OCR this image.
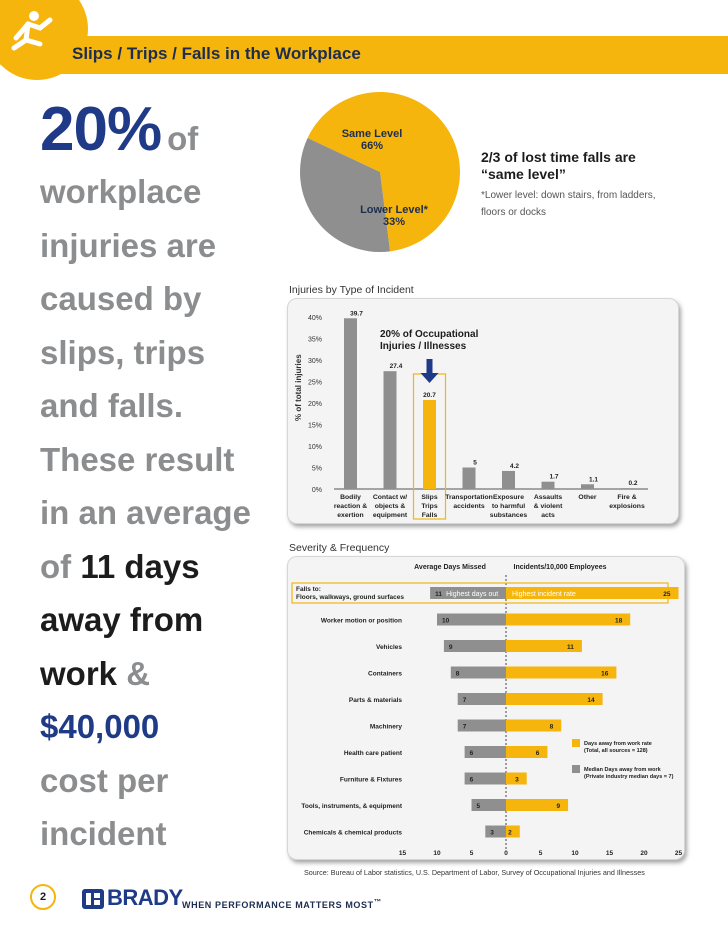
Slips / Trips / Falls in the Workplace
20% of
workplace
injuries are
caused by
slips, trips
and falls.
These result
in an average
of 11 days
away from
work &
$40,000
cost per
incident
Same Level
66%
Lower Level*
33%
2/3 of lost time falls are
“same level”

*Lower level: down stairs, from ladders,
floors or docks

Injuries by Type of Incident
% of total injuries
0%
5%
10%
15%
20%
25%
30%
35%
40%
39.7
Bodily
reaction &
exertion
27.4
Contact w/
objects &
equipment
20.7
Slips
Trips
Falls
5
Transportation
accidents
4.2
Exposure
to harmful
substances
1.7
Assaults
& violent
acts
1.1
Other
0.2
Fire &
explosions
20% of Occupational
Injuries / Illnesses
Severity & Frequency
Average Days Missed	Incidents/10,000 Employees
Falls to:
Floors, walkways, ground surfaces	11	25
Highest days out Highest incident rate
Worker motion or position	10	18
Vehicles	9	11
Containers	8	16
Parts & materials	7	14
Machinery	7	8
Health care patient	6	6
Furniture & Fixtures	6	3
Tools, instruments, & equipment	5	9
Chemicals & chemical products	3 2
15	10	5	0	5	10	15	20	25
Days away from work rate
(Total, all sources = 128)
Median Days away from work
(Private industry median days = 7)
Source: Bureau of Labor statistics, U.S. Department of Labor, Survey of Occupational Injuries and Illnesses
2	BRADY WHEN PERFORMANCE MATTERS MOST™
